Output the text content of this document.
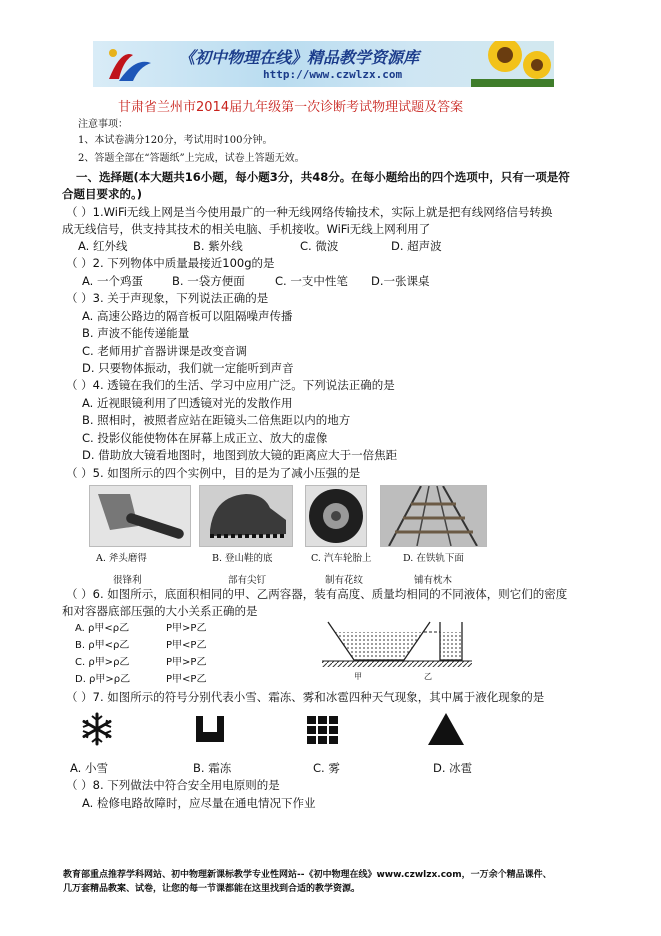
《初中物理在线》精品教学资源库
http://www.czwlzx.com
甘肃省兰州市2014届九年级第一次诊断考试物理试题及答案
注意事项：
1、本试卷满分120分，考试用时100分钟。
2、答题全部在“答题纸”上完成，试卷上答题无效。
一、选择题(本大题共16小题，每小题3分，共48分。在每小题给出的四个选项中，只有一项是符
合题目要求的。)
（ ）1.WiFi无线上网是当今使用最广的一种无线网络传输技术，实际上就是把有线网络信号转换
成无线信号，供支持其技术的相关电脑、手机接收。WiFi无线上网利用了
A. 红外线	B. 紫外线	C. 微波	D. 超声波
（ ）2. 下列物体中质量最接近100g的是
A. 一个鸡蛋	B. 一袋方便面	C. 一支中性笔 D.一张课桌
（ ）3. 关于声现象，下列说法正确的是
A. 高速公路边的隔音板可以阻隔噪声传播
B. 声波不能传递能量
C. 老师用扩音器讲课是改变音调
D. 只要物体振动，我们就一定能听到声音
（ ）4. 透镜在我们的生活、学习中应用广泛。下列说法正确的是
A. 近视眼镜利用了凹透镜对光的发散作用
B. 照相时，被照者应站在距镜头二倍焦距以内的地方
C. 投影仪能使物体在屏幕上成正立、放大的虚像
D. 借助放大镜看地图时，地图到放大镜的距离应大于一倍焦距
（ ）5. 如图所示的四个实例中，目的是为了减小压强的是
A. 斧头磨得
很锋利
B. 登山鞋的底
部有尖钉
C. 汽车轮胎上
制有花纹
D. 在铁轨下面
铺有枕木
（ ）6. 如图所示，底面积相同的甲、乙两容器，装有高度、质量均相同的不同液体，则它们的密度
和对容器底部压强的大小关系正确的是
A. ρ甲<ρ乙	P甲>P乙
B. ρ甲<ρ乙	P甲<P乙
C. ρ甲>ρ乙	P甲>P乙
D. ρ甲>ρ乙	P甲<P乙	甲	乙
（ ）7. 如图所示的符号分别代表小雪、霜冻、雾和冰雹四种天气现象，其中属于液化现象的是
A. 小雪	B. 霜冻	C. 雾	D. 冰雹
（ ）8. 下列做法中符合安全用电原则的是
A. 检修电路故障时，应尽量在通电情况下作业
教育部重点推荐学科网站、初中物理新课标教学专业性网站--《初中物理在线》www.czwlzx.com，一万余个精品课件、
几万套精品教案、试卷，让您的每一节课都能在这里找到合适的教学资源。
